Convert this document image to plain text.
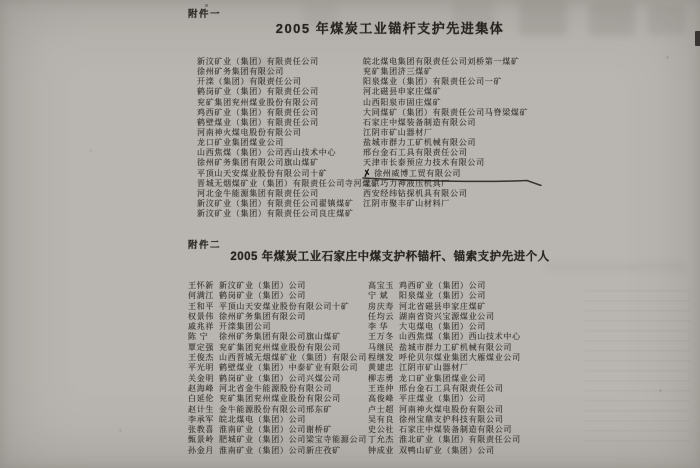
附件一
2005 年煤炭工业锚杆支护先进集体
新汶矿业（集团）有限责任公司
徐州矿务集团有限公司
开滦（集团）有限责任公司
鹤岗矿业（集团）有限责任公司
兖矿集团兖州煤业股份有限公司
鸡西矿业（集团）有限责任公司
鹤壁煤业（集团）有限责任公司
河南神火煤电股份有限公司
龙口矿业集团煤业公司
山西焦煤（集团）公司西山技术中心
徐州矿务集团有限公司旗山煤矿
平顶山天安煤业股份有限公司十矿
晋城无烟煤矿业（集团）有限责任公司寺河煤矿
河北金牛能源集团有限责任公司
新汶矿业（集团）有限责任公司翟镇煤矿
新汶矿业（集团）有限责任公司良庄煤矿
皖北煤电集团有限责任公司刘桥第一煤矿
兖矿集团济三煤矿
阳泉煤业（集团）有限责任公司一矿
河北磁县申家庄煤矿
山西阳泉市固庄煤矿
大同煤矿（集团）有限责任公司马脊梁煤矿
石家庄中煤装备制造有限公司
江阴市矿山器材厂
盐城市群力工矿机械有限公司
邢台金石工具有限责任公司
天津市长泰预应力技术有限公司
✗徐州威博工贸有限公司
北京巧力神液压机具厂
西安经纬钻探机具有限公司
江阴市聚丰矿山材料厂
附件二
2005 年煤炭工业石家庄中煤支护杯锚杆、锚索支护先进个人
王怀新 新汶矿业（集团）公司
何满江 鹤岗矿业（集团）公司
王和平 平顶山天安煤业股份有限公司十矿
权景伟 徐州矿务集团有限公司
戚兆祥 开滦集团公司
陈 宁 徐州矿务集团有限公司旗山煤矿
覃定强 兖矿集团兖州煤业股份有限公司
王俊杰 山西晋城无烟煤矿业（集团）有限公司
平光明 鹤壁煤业（集团）中泰矿业有限公司
关金明 鹤岗矿业（集团）公司兴煤公司
赵海峰 河北省金牛能源股份有限公司
白延伦 兖矿集团兖州煤业股份有限公司
赵计生 金牛能源股份有限公司邢东矿
李承军 皖北煤电（集团）公司
张教喜 淮南矿业（集团）公司谢桥矿
甄景岭 肥城矿业（集团）公司梁宝寺能源公司
孙金月 淮南矿业（集团）公司新庄孜矿
高宝玉 鸡西矿业（集团）公司
宁 斌 阳泉煤业（集团）公司
房庆寿 河北省磁县申家庄煤矿
任均云 湖南省资兴宝源煤业公司
李 华 大屯煤电（集团）公司
王万冬 山西焦煤（集团）西山技术中心
马继民 盐城市群力工矿机械有限公司
程继发 呼伦贝尔煤业集团大雁煤业公司
黄建忠 江阴市矿山器材厂
柳志勇 龙口矿业集团煤业公司
王连仲 邢台金石工具有限责任公司
高俊峰 平庄煤业（集团）公司
卢士超 河南神火煤电股份有限公司
吴有良 徐州宝鼎支护科技有限公司
史公社 石家庄中煤装备制造有限公司
丁允杰 淮北矿业（集团）有限责任公司
钟成业 双鸭山矿业（集团）公司
